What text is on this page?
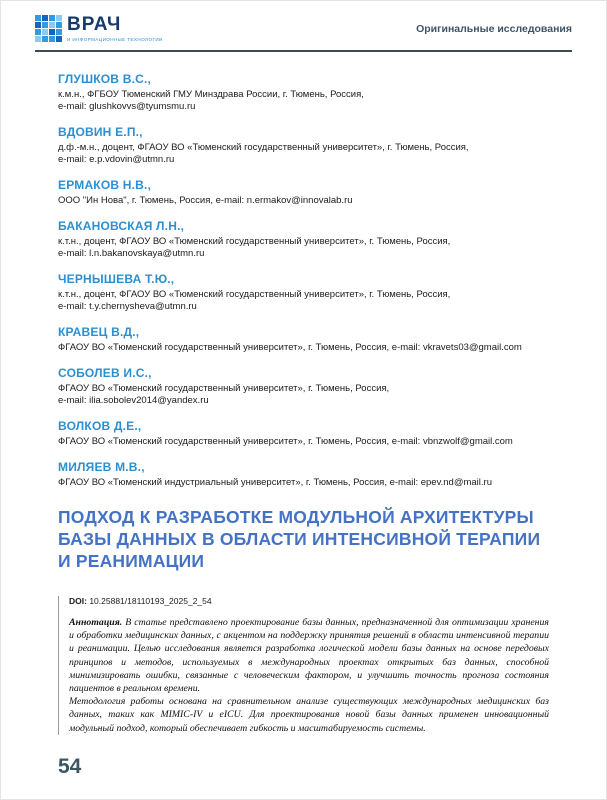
ВРАЧ
И ИНФОРМАЦИОННЫЕ ТЕХНОЛОГИИ
Оригинальные исследования
ГЛУШКОВ В.С.,
к.м.н., ФГБОУ Тюменский ГМУ Минздрава России, г. Тюмень, Россия,
e-mail: glushkovvs@tyumsmu.ru
ВДОВИН Е.П.,
д.ф.-м.н., доцент, ФГАОУ ВО «Тюменский государственный университет», г. Тюмень, Россия,
e-mail: e.p.vdovin@utmn.ru
ЕРМАКОВ Н.В.,
ООО "Ин Нова", г. Тюмень, Россия, e-mail: n.ermakov@innovalab.ru
БАКАНОВСКАЯ Л.Н.,
к.т.н., доцент, ФГАОУ ВО «Тюменский государственный университет», г. Тюмень, Россия,
e-mail: l.n.bakanovskaya@utmn.ru
ЧЕРНЫШЕВА Т.Ю.,
к.т.н., доцент, ФГАОУ ВО «Тюменский государственный университет», г. Тюмень, Россия,
e-mail: t.y.chernysheva@utmn.ru
КРАВЕЦ В.Д.,
ФГАОУ ВО «Тюменский государственный университет», г. Тюмень, Россия, e-mail: vkravets03@gmail.com
СОБОЛЕВ И.С.,
ФГАОУ ВО «Тюменский государственный университет», г. Тюмень, Россия,
e-mail: ilia.sobolev2014@yandex.ru
ВОЛКОВ Д.Е.,
ФГАОУ ВО «Тюменский государственный университет», г. Тюмень, Россия, e-mail: vbnzwolf@gmail.com
МИЛЯЕВ М.В.,
ФГАОУ ВО «Тюменский индустриальный университет», г. Тюмень, Россия, e-mail: epev.nd@mail.ru
ПОДХОД К РАЗРАБОТКЕ МОДУЛЬНОЙ АРХИТЕКТУРЫ БАЗЫ ДАННЫХ В ОБЛАСТИ ИНТЕНСИВНОЙ ТЕРАПИИ И РЕАНИМАЦИИ
DOI: 10.25881/18110193_2025_2_54

Аннотация. В статье представлено проектирование базы данных, предназначенной для оптимизации хранения и обработки медицинских данных, с акцентом на поддержку принятия решений в области интенсивной терапии и реанимации. Целью исследования является разработка логической модели базы данных на основе передовых принципов и методов, используемых в международных проектах открытых баз данных, способной минимизировать ошибки, связанные с человеческим фактором, и улучшить точность прогноза состояния пациентов в реальном времени.

Методология работы основана на сравнительном анализе существующих международных медицинских баз данных, таких как MIMIC-IV и eICU. Для проектирования новой базы данных применен инновационный модульный подход, который обеспечивает гибкость и масштабируемость системы.

54
